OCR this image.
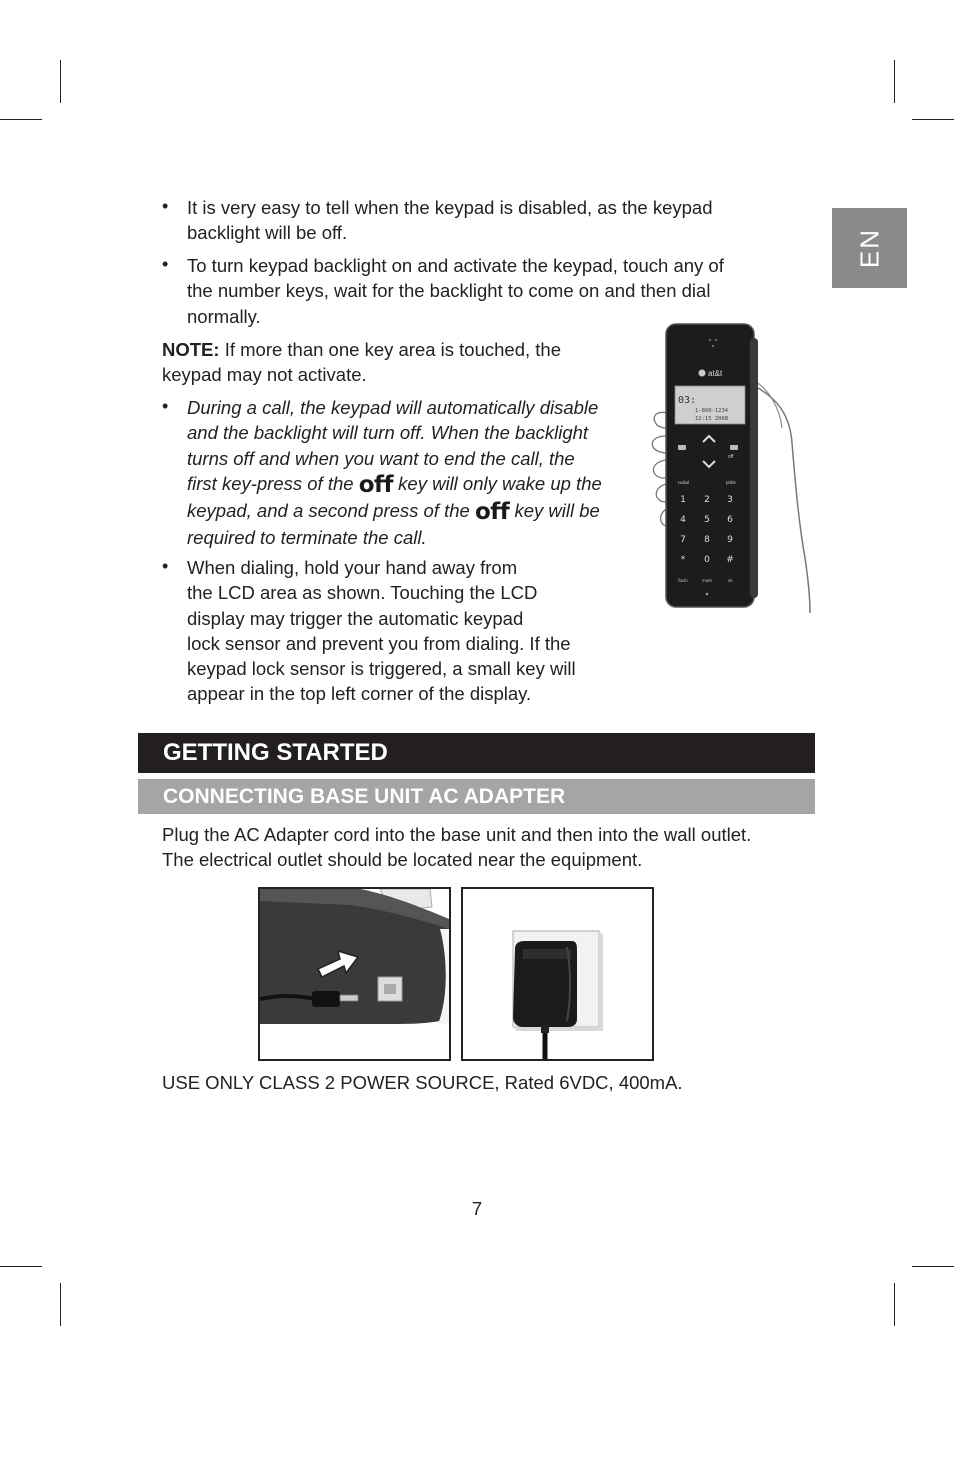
EN
• It is very easy to tell when the keypad is disabled, as the keypad
backlight will be off.
• To turn keypad backlight on and activate the keypad, touch any of
the number keys, wait for the backlight to come on and then dial
normally.
NOTE: If more than one key area is touched, the
keypad may not activate.
• During a call, the keypad will automatically disable
and the backlight will turn off. When the backlight
turns off and when you want to end the call, the
first key-press of the off key will only wake up the
keypad, and a second press of the off key will be
required to terminate the call.
• When dialing, hold your hand away from
the LCD area as shown. Touching the LCD
display may trigger the automatic keypad
lock sensor and prevent you from dialing. If the
keypad lock sensor is triggered, a small key will
appear in the top left corner of the display.
at&t
03:
1-800-1234
12:15 20KB
off
redial	phbk
1 2 3
4 5 6
7 8 9
* 0 #
flash	mute	int
GETTING STARTED
CONNECTING BASE UNIT AC ADAPTER
Plug the AC Adapter cord into the base unit and then into the wall outlet.
The electrical outlet should be located near the equipment.
USE ONLY CLASS 2 POWER SOURCE, Rated 6VDC, 400mA.
7
